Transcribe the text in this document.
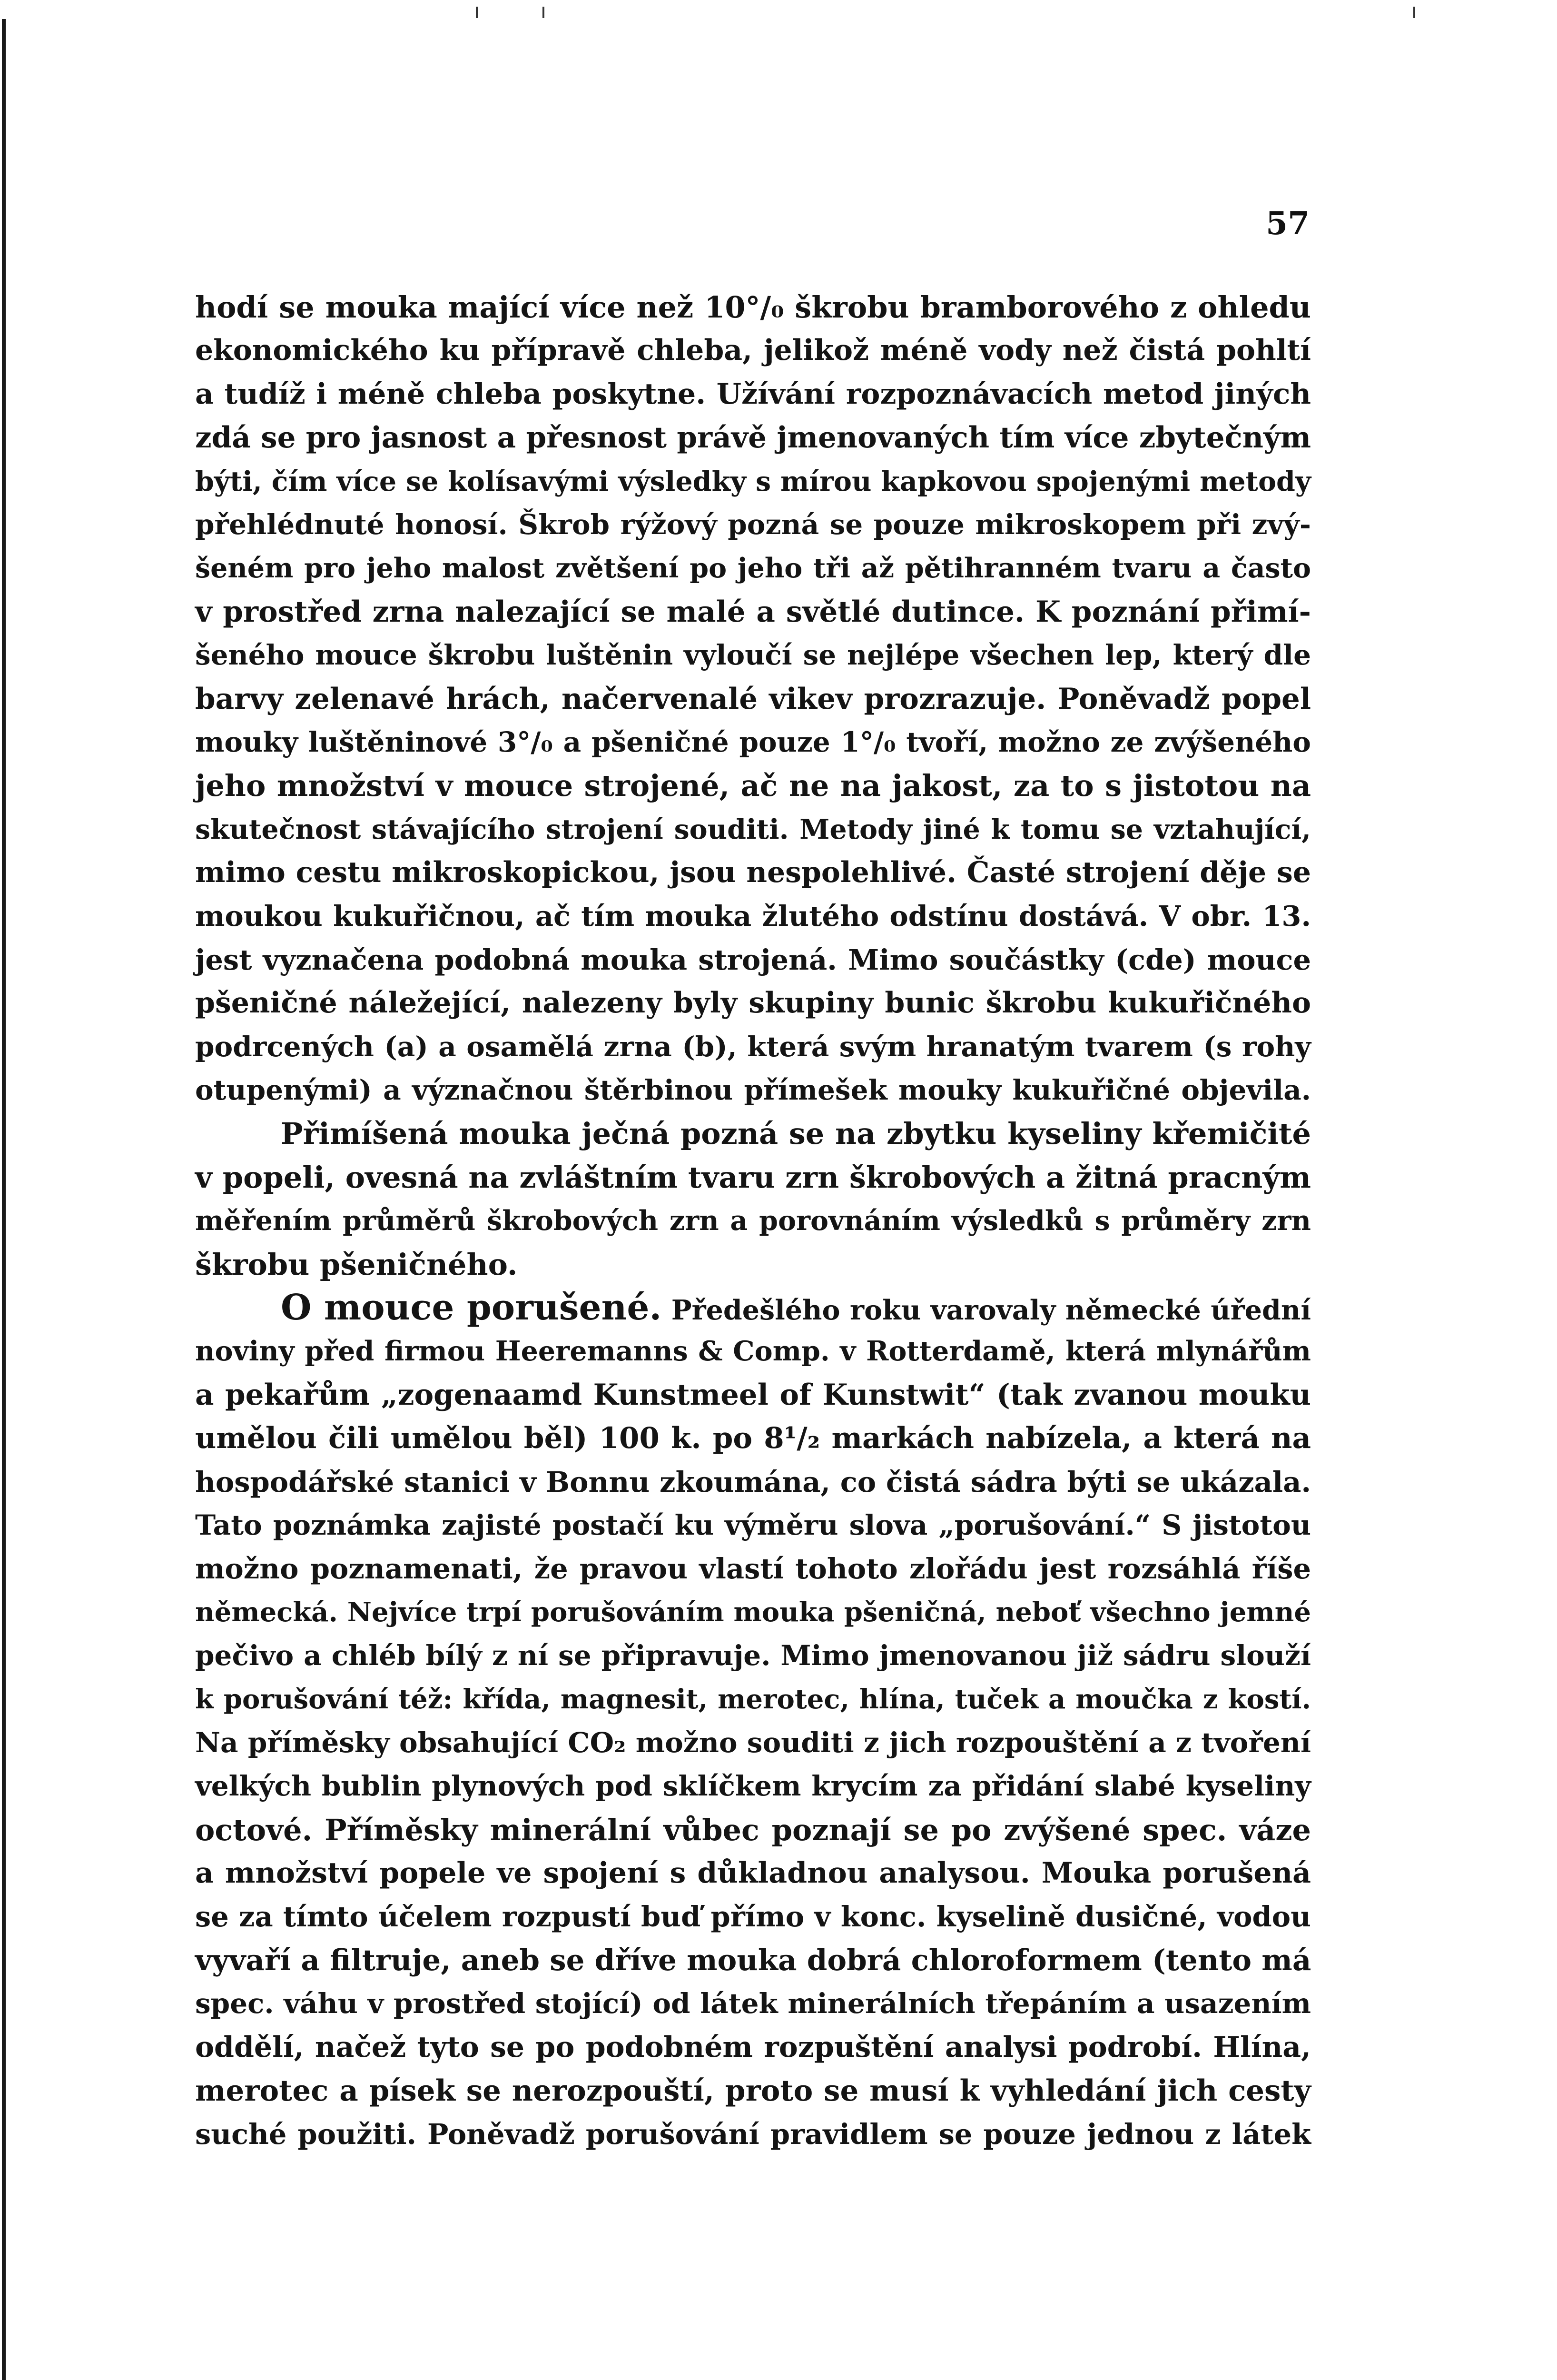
57

hodí se mouka mající více než 10°/₀ škrobu bramborového z ohledu
ekonomického ku přípravě chleba, jelikož méně vody než čistá pohltí
a tudíž i méně chleba poskytne. Užívání rozpoznávacích metod jiných
zdá se pro jasnost a přesnost právě jmenovaných tím více zbytečným
býti, čím více se kolísavými výsledky s mírou kapkovou spojenými metody
přehlédnuté honosí. Škrob rýžový pozná se pouze mikroskopem při zvý-
šeném pro jeho malost zvětšení po jeho tři až pětihranném tvaru a často
v prostřed zrna nalezající se malé a světlé dutince. K poznání přimí-
šeného mouce škrobu luštěnin vyloučí se nejlépe všechen lep, který dle
barvy zelenavé hrách, načervenalé vikev prozrazuje. Poněvadž popel
mouky luštěninové 3°/₀ a pšeničné pouze 1°/₀ tvoří, možno ze zvýšeného
jeho množství v mouce strojené, ač ne na jakost, za to s jistotou na
skutečnost stávajícího strojení souditi. Metody jiné k tomu se vztahující,
mimo cestu mikroskopickou, jsou nespolehlivé. Časté strojení děje se
moukou kukuřičnou, ač tím mouka žlutého odstínu dostává. V obr. 13.
jest vyznačena podobná mouka strojená. Mimo součástky (cde) mouce
pšeničné náležející, nalezeny byly skupiny bunic škrobu kukuřičného
podrcených (a) a osamělá zrna (b), která svým hranatým tvarem (s rohy
otupenými) a význačnou štěrbinou přímešek mouky kukuřičné objevila.
Přimíšená mouka ječná pozná se na zbytku kyseliny křemičité
v popeli, ovesná na zvláštním tvaru zrn škrobových a žitná pracným
měřením průměrů škrobových zrn a porovnáním výsledků s průměry zrn
škrobu pšeničného.
O mouce porušené. Předešlého roku varovaly německé úřední
noviny před firmou Heeremanns & Comp. v Rotterdamě, která mlynářům
a pekařům „zogenaamd Kunstmeel of Kunstwit“ (tak zvanou mouku
umělou čili umělou běl) 100 k. po 8¹/₂ markách nabízela, a která na
hospodářské stanici v Bonnu zkoumána, co čistá sádra býti se ukázala.
Tato poznámka zajisté postačí ku výměru slova „porušování.“ S jistotou
možno poznamenati, že pravou vlastí tohoto zlořádu jest rozsáhlá říše
německá. Nejvíce trpí porušováním mouka pšeničná, neboť všechno jemné
pečivo a chléb bílý z ní se připravuje. Mimo jmenovanou již sádru slouží
k porušování též: křída, magnesit, merotec, hlína, tuček a moučka z kostí.
Na příměsky obsahující CO₂ možno souditi z jich rozpouštění a z tvoření
velkých bublin plynových pod sklíčkem krycím za přidání slabé kyseliny
octové. Příměsky minerální vůbec poznají se po zvýšené spec. váze
a množství popele ve spojení s důkladnou analysou. Mouka porušená
se za tímto účelem rozpustí buď přímo v konc. kyselině dusičné, vodou
vyvaří a filtruje, aneb se dříve mouka dobrá chloroformem (tento má
spec. váhu v prostřed stojící) od látek minerálních třepáním a usazením
oddělí, načež tyto se po podobném rozpuštění analysi podrobí. Hlína,
merotec a písek se nerozpouští, proto se musí k vyhledání jich cesty
suché použiti. Poněvadž porušování pravidlem se pouze jednou z látek
